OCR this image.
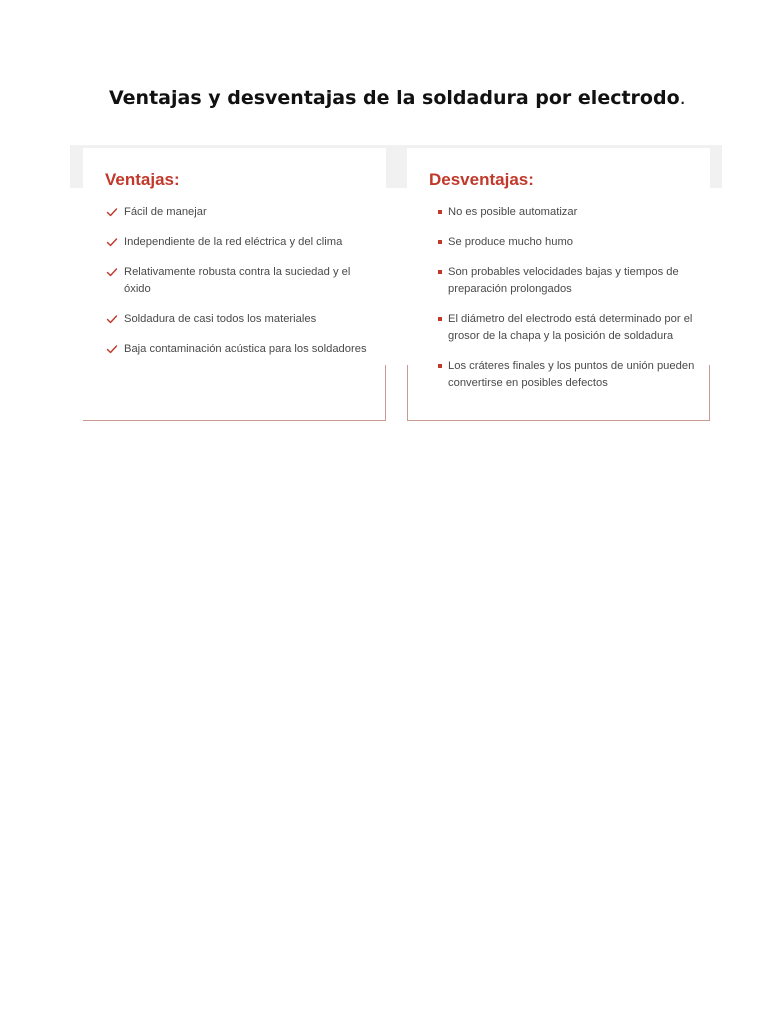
Ventajas y desventajas de la soldadura por electrodo.
Ventajas:
Fácil de manejar
Independiente de la red eléctrica y del clima
Relativamente robusta contra la suciedad y el óxido
Soldadura de casi todos los materiales
Baja contaminación acústica para los soldadores
Desventajas:
No es posible automatizar
Se produce mucho humo
Son probables velocidades bajas y tiempos de preparación prolongados
El diámetro del electrodo está determinado por el grosor de la chapa y la posición de soldadura
Los cráteres finales y los puntos de unión pueden convertirse en posibles defectos
